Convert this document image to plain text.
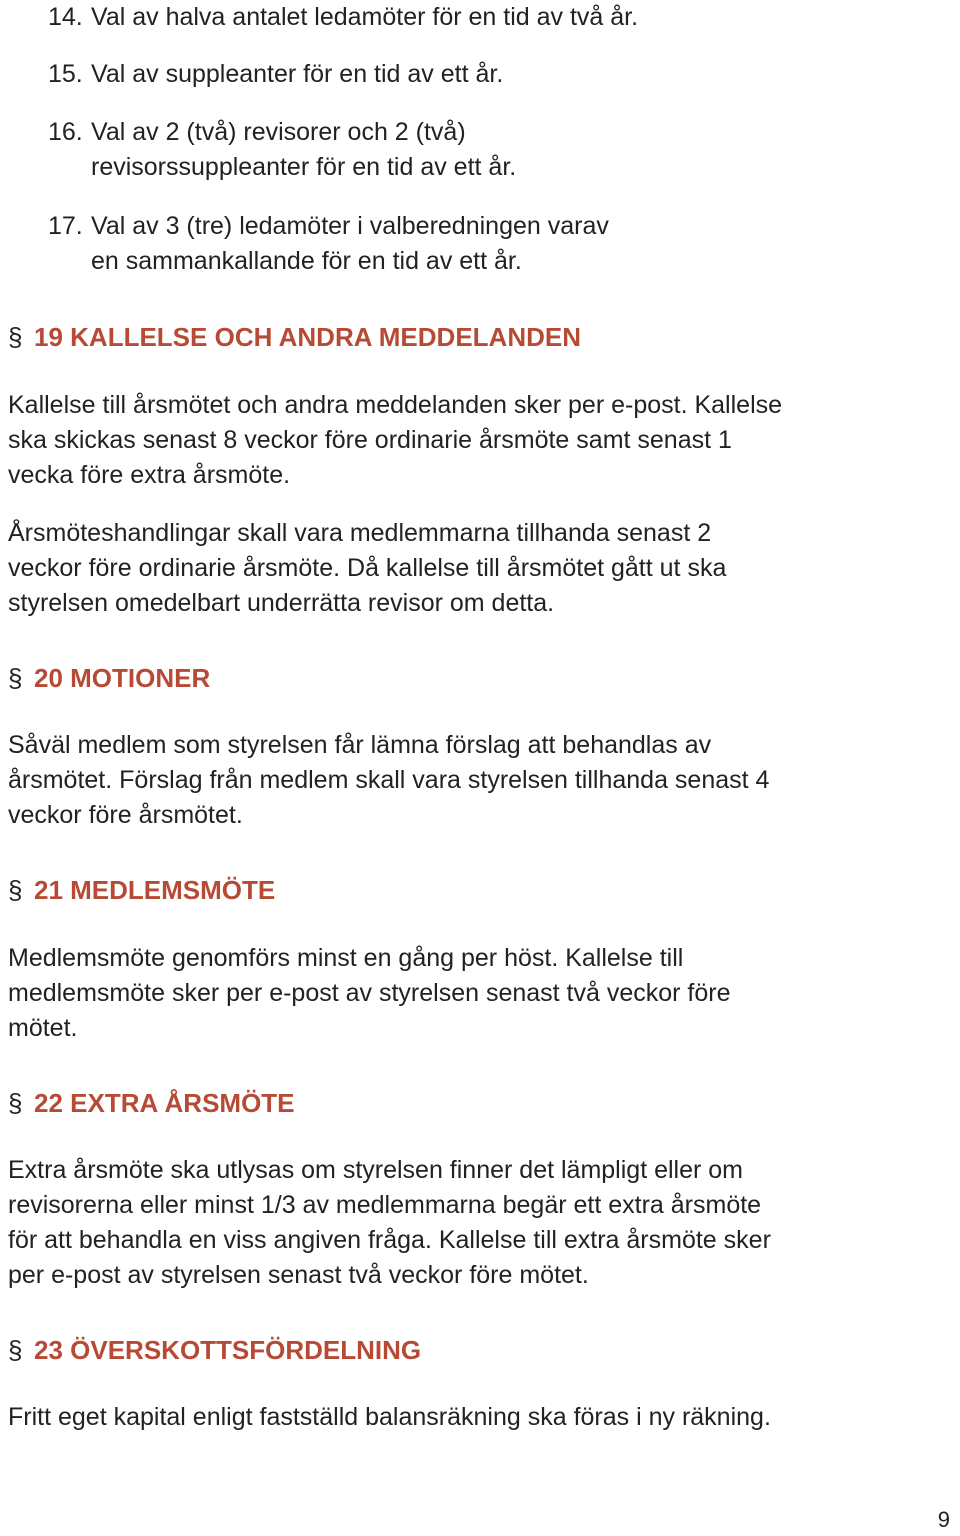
14. Val av halva antalet ledamöter för en tid av två år.
15. Val av suppleanter för en tid av ett år.
16. Val av 2 (två) revisorer och 2 (två)
revisorssuppleanter för en tid av ett år.
17. Val av 3 (tre) ledamöter i valberedningen varav
en sammankallande för en tid av ett år.
§ 19 KALLELSE OCH ANDRA MEDDELANDEN

Kallelse till årsmötet och andra meddelanden sker per e-post. Kallelse
ska skickas senast 8 veckor före ordinarie årsmöte samt senast 1
vecka före extra årsmöte.

Årsmöteshandlingar skall vara medlemmarna tillhanda senast 2
veckor före ordinarie årsmöte. Då kallelse till årsmötet gått ut ska
styrelsen omedelbart underrätta revisor om detta.

§ 20 MOTIONER

Såväl medlem som styrelsen får lämna förslag att behandlas av
årsmötet. Förslag från medlem skall vara styrelsen tillhanda senast 4
veckor före årsmötet.

§ 21 MEDLEMSMÖTE

Medlemsmöte genomförs minst en gång per höst. Kallelse till
medlemsmöte sker per e-post av styrelsen senast två veckor före
mötet.

§ 22 EXTRA ÅRSMÖTE

Extra årsmöte ska utlysas om styrelsen finner det lämpligt eller om
revisorerna eller minst 1/3 av medlemmarna begär ett extra årsmöte
för att behandla en viss angiven fråga. Kallelse till extra årsmöte sker
per e-post av styrelsen senast två veckor före mötet.

§ 23 ÖVERSKOTTSFÖRDELNING

Fritt eget kapital enligt fastställd balansräkning ska föras i ny räkning.

9
